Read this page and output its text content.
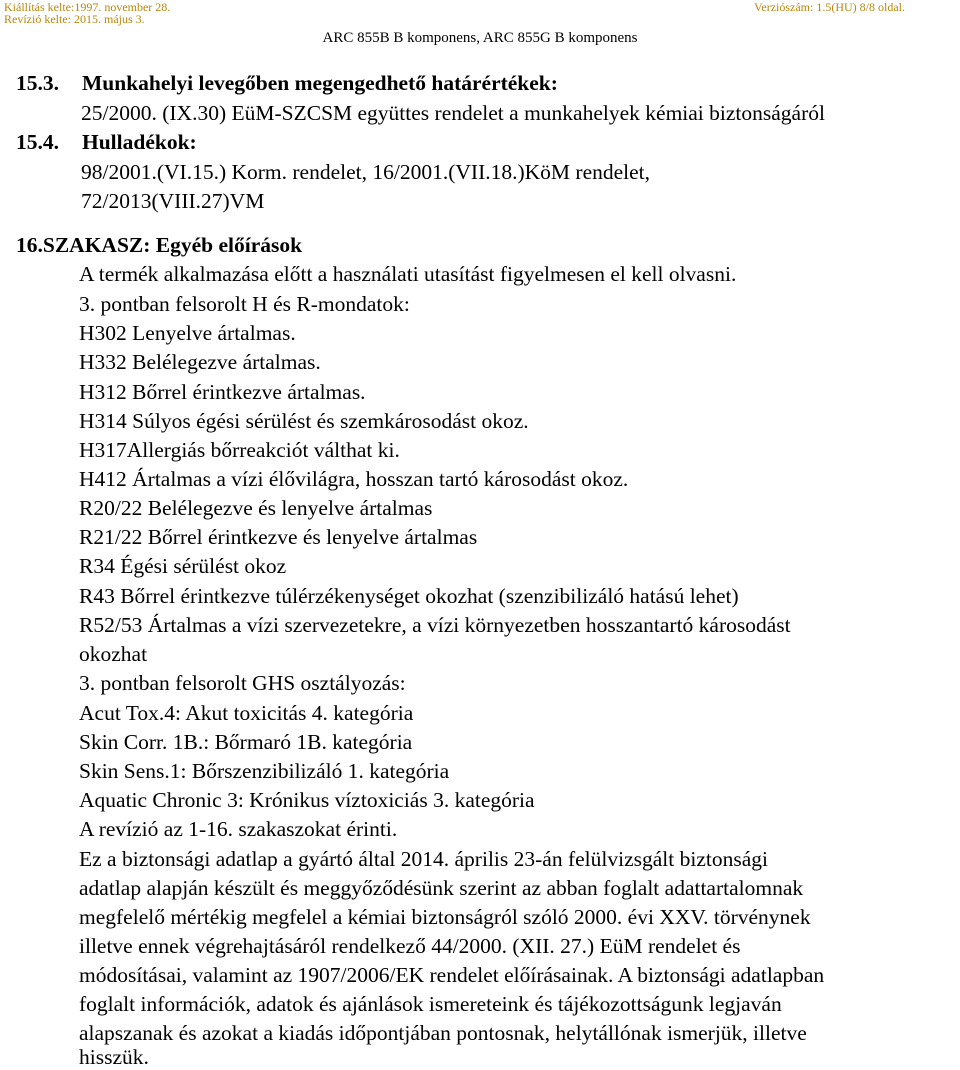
Kiállítás kelte:1997. november 28.
Revízió kelte: 2015. május 3.
Verziószám: 1.5(HU) 8/8 oldal.
ARC 855B B komponens, ARC 855G B komponens
15.3. Munkahelyi levegőben megengedhető határértékek:
25/2000. (IX.30) EüM-SZCSM együttes rendelet a munkahelyek kémiai biztonságáról
15.4. Hulladékok:
98/2001.(VI.15.) Korm. rendelet, 16/2001.(VII.18.)KöM rendelet,
72/2013(VIII.27)VM
16.SZAKASZ: Egyéb előírások
A termék alkalmazása előtt a használati utasítást figyelmesen el kell olvasni.
3. pontban felsorolt H és R-mondatok:
H302 Lenyelve ártalmas.
H332 Belélegezve ártalmas.
H312 Bőrrel érintkezve ártalmas.
H314 Súlyos égési sérülést és szemkárosodást okoz.
H317Allergiás bőrreakciót válthat ki.
H412 Ártalmas a vízi élővilágra, hosszan tartó károsodást okoz.
R20/22 Belélegezve és lenyelve ártalmas
R21/22 Bőrrel érintkezve és lenyelve ártalmas
R34 Égési sérülést okoz
R43 Bőrrel érintkezve túlérzékenységet okozhat (szenzibilizáló hatású lehet)
R52/53 Ártalmas a vízi szervezetekre, a vízi környezetben hosszantartó károsodást
okozhat
3. pontban felsorolt GHS osztályozás:
Acut Tox.4: Akut toxicitás 4. kategória
Skin Corr. 1B.: Bőrmaró 1B. kategória
Skin Sens.1: Bőrszenzibilizáló 1. kategória
Aquatic Chronic 3: Krónikus víztoxiciás 3. kategória
A revízió az 1-16. szakaszokat érinti.
Ez a biztonsági adatlap a gyártó által 2014. április 23-án felülvizsgált biztonsági
adatlap alapján készült és meggyőződésünk szerint az abban foglalt adattartalomnak
megfelelő mértékig megfelel a kémiai biztonságról szóló 2000. évi XXV. törvénynek
illetve ennek végrehajtásáról rendelkező 44/2000. (XII. 27.) EüM rendelet és
módosításai, valamint az 1907/2006/EK rendelet előírásainak. A biztonsági adatlapban
foglalt információk, adatok és ajánlások ismereteink és tájékozottságunk legjaván
alapszanak és azokat a kiadás időpontjában pontosnak, helytállónak ismerjük, illetve
hisszük.
